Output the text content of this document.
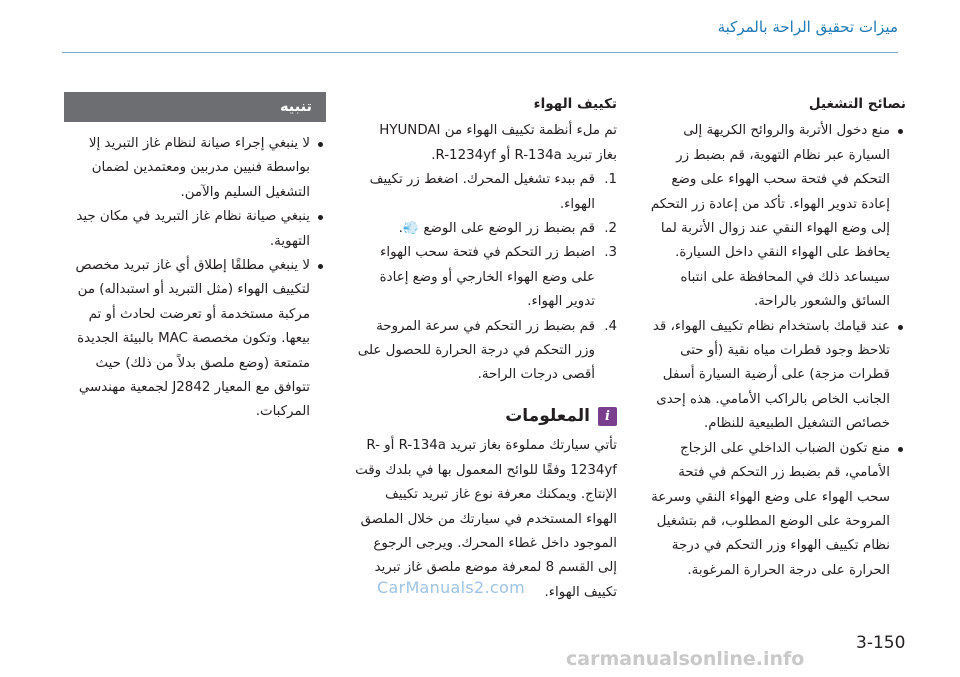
ميزات تحقيق الراحة بالمركبة
نصائح التشغيل
منع دخول الأتربة والروائح الكريهة إلى السيارة عبر نظام التهوية، قم بضبط زر التحكم في فتحة سحب الهواء على وضع إعادة تدوير الهواء. تأكد من إعادة زر التحكم إلى وضع الهواء النقي عند زوال الأتربة لما يحافظ على الهواء النقي داخل السيارة. سيساعد ذلك في المحافظة على انتباه السائق والشعور بالراحة.
عند قيامك باستخدام نظام تكييف الهواء، قد تلاحظ وجود قطرات مياه نقية (أو حتى قطرات مزجة) على أرضية السيارة أسفل الجانب الخاص بالراكب الأمامي. هذه إحدى خصائص التشغيل الطبيعية للنظام.
منع تكون الضباب الداخلي على الزجاج الأمامي، قم بضبط زر التحكم في فتحة سحب الهواء على وضع الهواء النقي وسرعة المروحة على الوضع المطلوب، قم بتشغيل نظام تكييف الهواء وزر التحكم في درجة الحرارة على درجة الحرارة المرغوبة.
تكييف الهواء
تم ملء أنظمة تكييف الهواء من HYUNDAI بغاز تبريد R-134a أو R-1234yf.
1.
قم ببدء تشغيل المحرك. اضغط زر تكييف الهواء.
2.
قم بضبط زر الوضع على الوضع 💨.
3.
اضبط زر التحكم في فتحة سحب الهواء على وضع الهواء الخارجي أو وضع إعادة تدوير الهواء.
4.
قم بضبط زر التحكم في سرعة المروحة وزر التحكم في درجة الحرارة للحصول على أقصى درجات الراحة.
i
المعلومات
تأتي سيارتك مملوءة بغاز تبريد R-134a أو R-1234yf وفقًا للوائح المعمول بها في بلدك وقت الإنتاج. ويمكنك معرفة نوع غاز تبريد تكييف الهواء المستخدم في سيارتك من خلال الملصق الموجود داخل غطاء المحرك. ويرجى الرجوع إلى القسم 8 لمعرفة موضع ملصق غاز تبريد تكييف الهواء.
تنبيه
لا ينبغي إجراء صيانة لنظام غاز التبريد إلا بواسطة فنيين مدربين ومعتمدين لضمان التشغيل السليم والآمن.
ينبغي صيانة نظام غاز التبريد في مكان جيد التهوية.
لا ينبغي مطلقًا إطلاق أي غاز تبريد مخصص لتكييف الهواء (مثل التبريد أو استبداله) من مركبة مستخدمة أو تعرضت لحادث أو تم بيعها. وتكون مخصصة MAC بالبيئة الجديدة متمتعة (وضع ملصق بدلاً من ذلك) حيث تتوافق مع المعيار J2842 لجمعية مهندسي المركبات.
CarManuals2.com
3-150
carmanualsonline.info
